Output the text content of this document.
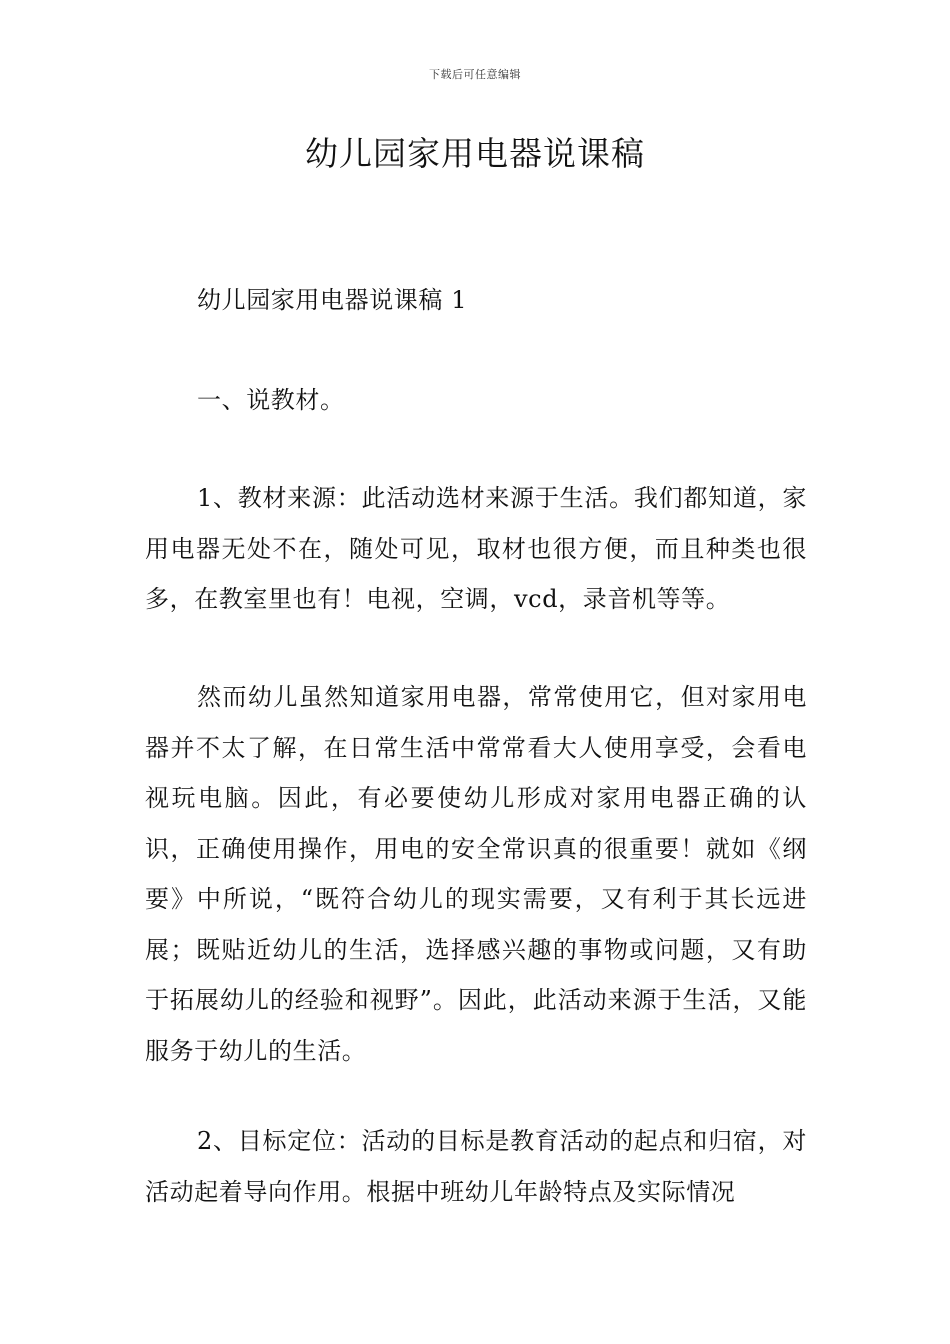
下载后可任意编辑
幼儿园家用电器说课稿

幼儿园家用电器说课稿 1

一、说教材。

1、教材来源：此活动选材来源于生活。我们都知道，家用电器无处不在，随处可见，取材也很方便，而且种类也很多，在教室里也有！电视，空调，vcd，录音机等等。

然而幼儿虽然知道家用电器，常常使用它，但对家用电器并不太了解，在日常生活中常常看大人使用享受，会看电视玩电脑。因此，有必要使幼儿形成对家用电器正确的认识，正确使用操作，用电的安全常识真的很重要！就如《纲要》中所说，“既符合幼儿的现实需要，又有利于其长远进展；既贴近幼儿的生活，选择感兴趣的事物或问题，又有助于拓展幼儿的经验和视野”。因此，此活动来源于生活，又能服务于幼儿的生活。

2、目标定位：活动的目标是教育活动的起点和归宿，对活动起着导向作用。根据中班幼儿年龄特点及实际情况
